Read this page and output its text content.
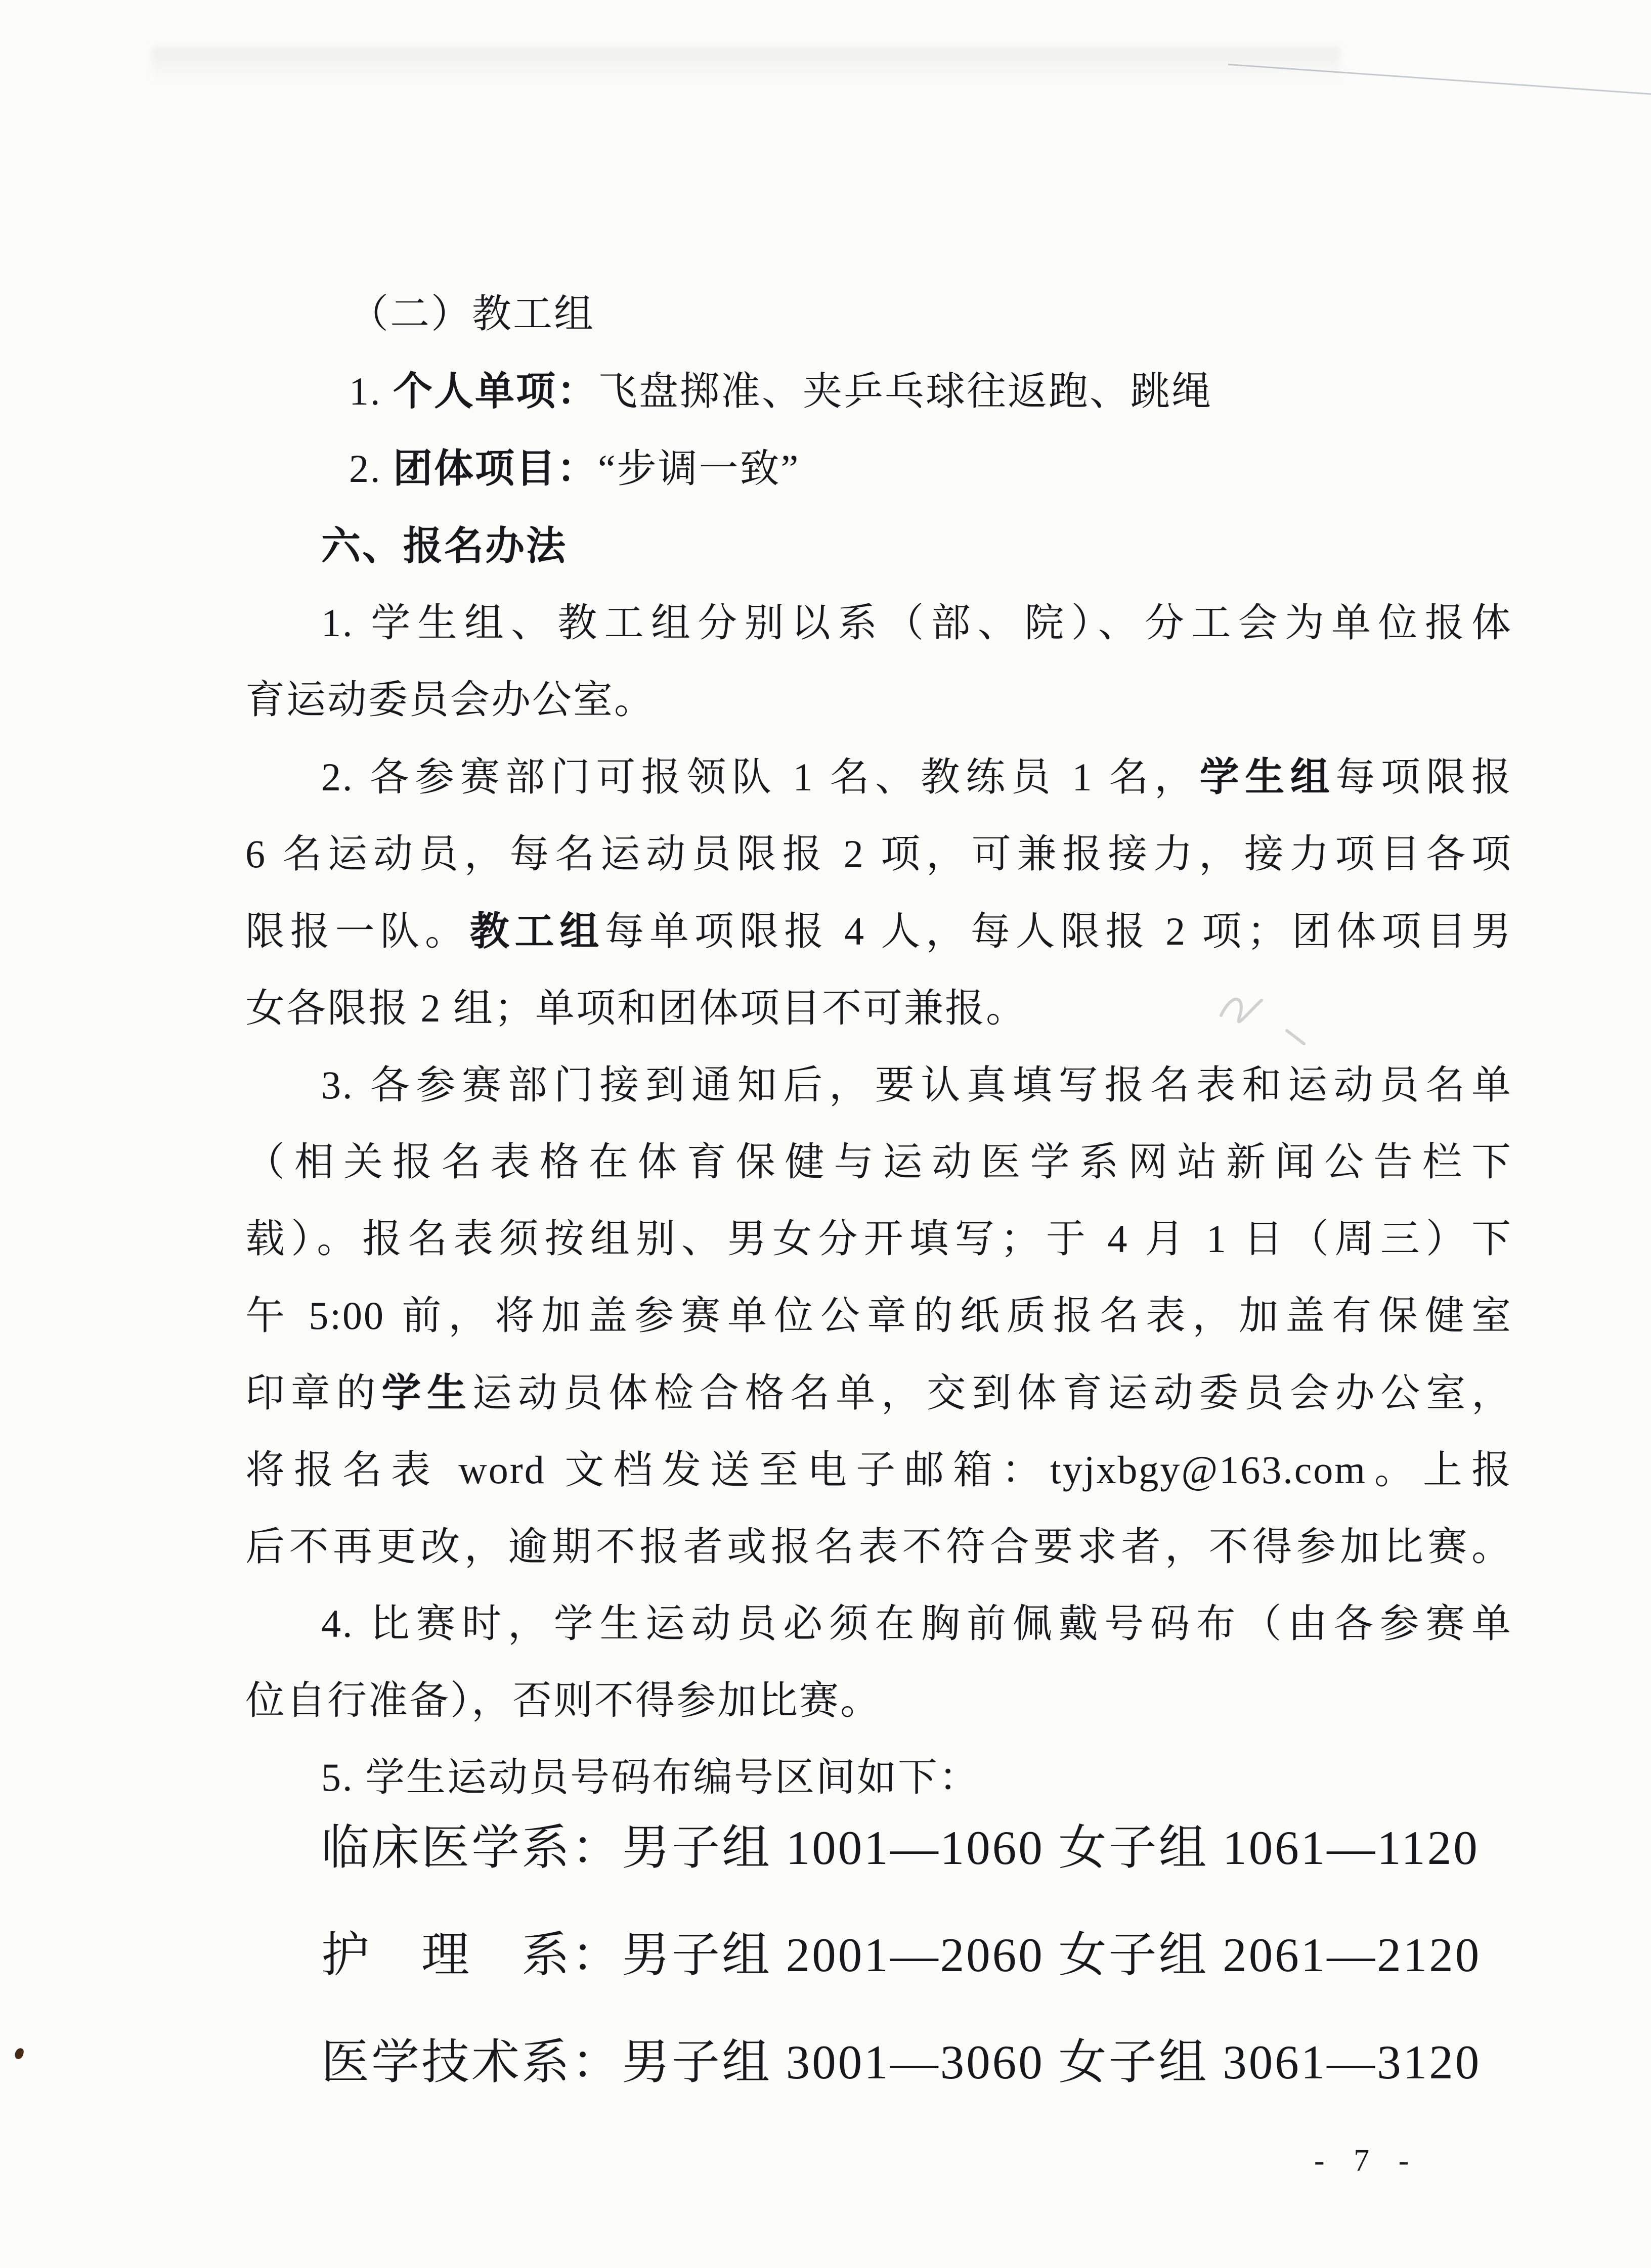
（二）教工组
1. 个人单项：飞盘掷准、夹乒乓球往返跑、跳绳
2. 团体项目：“步调一致”
六、报名办法
1. 学生组、教工组分别以系（部、院）、分工会为单位报体
育运动委员会办公室。
2. 各参赛部门可报领队 1 名、教练员 1 名，学生组每项限报
6 名运动员，每名运动员限报 2 项，可兼报接力，接力项目各项
限报一队。教工组每单项限报 4 人，每人限报 2 项；团体项目男
女各限报 2 组；单项和团体项目不可兼报。
3. 各参赛部门接到通知后，要认真填写报名表和运动员名单
（相关报名表格在体育保健与运动医学系网站新闻公告栏下
载）。报名表须按组别、男女分开填写；于 4 月 1 日（周三）下
午 5:00 前，将加盖参赛单位公章的纸质报名表，加盖有保健室
印章的学生运动员体检合格名单，交到体育运动委员会办公室，
将报名表 word 文档发送至电子邮箱：tyjxbgy@163.com。上报
后不再更改，逾期不报者或报名表不符合要求者，不得参加比赛。
4. 比赛时，学生运动员必须在胸前佩戴号码布（由各参赛单
位自行准备），否则不得参加比赛。
5. 学生运动员号码布编号区间如下：
临床医学系：男子组 1001—1060 女子组 1061—1120
护　理　系：男子组 2001—2060 女子组 2061—2120
医学技术系：男子组 3001—3060 女子组 3061—3120
- 7 -
